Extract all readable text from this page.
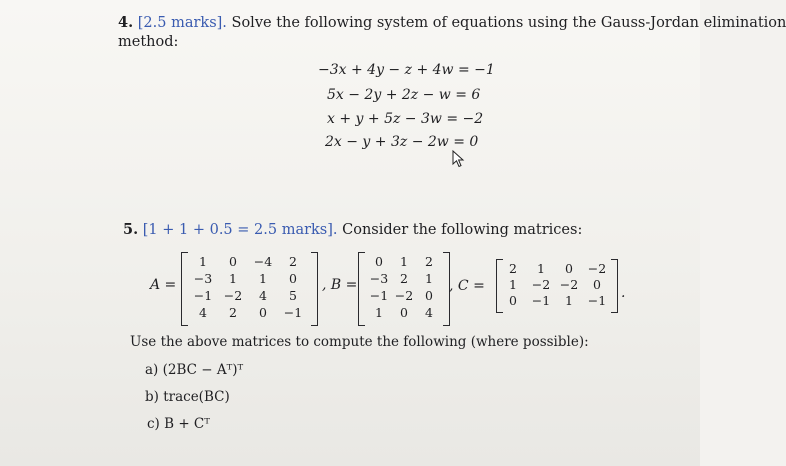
4. [2.5 marks]. Solve the following system of equations using the Gauss-Jordan elimination
method:
−3x + 4y − z + 4w = −1
5x − 2y + 2z − w = 6
x + y + 5z − 3w = −2
2x − y + 3z − 2w = 0
5. [1 + 1 + 0.5 = 2.5 marks]. Consider the following matrices:
A =
1	0	−4	2
−3	1	1	0
−1 −2	4	5
4	2	0	−1
, B =
0	1	2
−3 2	1
−1 −2 0
1	0	4
, C =
2	1	0	−2
1	−2 −2	0
0	−1	1	−1 .
Use the above matrices to compute the following (where possible):
a) (2BC − Aᵀ)ᵀ
b) trace(BC)
c) B + Cᵀ
